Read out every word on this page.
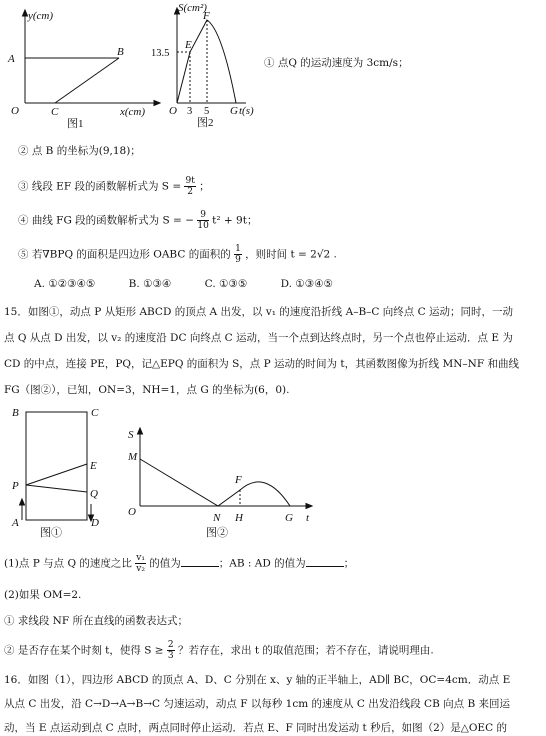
y(cm)
A
B
O	C	x(cm)
图1
S(cm²)
13.5
E
F
O 3 5 G t(s)
图2
① 点Q 的运动速度为 3cm/s；
② 点 B 的坐标为(9,18)；
③ 线段 EF 段的函数解析式为 $S = \frac{9t}{2}$ ；
④ 曲线 FG 段的函数解析式为 S = − $\frac{9}{10} t^2 + 9t$；
⑤ 若∇BPQ 的面积是四边形 OABC 的面积的 $\frac{1}{9}$ ，则时间 t = 2√2 .
A. ①②③④⑤	B. ①③④	C. ①③⑤	D. ①③④⑤
15．如图①，动点 P 从矩形 ABCD 的顶点 A 出发，以 v₁ 的速度沿折线 A–B–C 向终点 C 运动；同时，一动
点 Q 从点 D 出发，以 v₂ 的速度沿 DC 向终点 C 运动，当一个点到达终点时，另一个点也停止运动．点 E 为
CD 的中点，连接 PE，PQ，记△EPQ 的面积为 S，点 P 运动的时间为 t，其函数图像为折线 MN–NF 和曲线
FG（图②），已知，ON=3，NH=1，点 G 的坐标为(6，0).
B	C
E
P
Q
A	D
图①
S
M
F
O	N H	G t
图②
(1)点 P 与点 Q 的速度之比 $\frac{\text{v₁}}{\text{v₂}}$ 的值为	；AB : AD 的值为	；
(2)如果 OM=2.
① 求线段 NF 所在直线的函数表达式；
② 是否存在某个时刻 t，使得 $S \ge \frac{2}{3}$ ？若存在，求出 t 的取值范围；若不存在，请说明理由.
16．如图（1），四边形 ABCD 的顶点 A、D、C 分别在 x、y 轴的正半轴上，AD∥ BC，OC=4cm．动点 E
从点 C 出发，沿 C→D→A→B→C 匀速运动，动点 F 以每秒 1cm 的速度从 C 出发沿线段 CB 向点 B 来回运
动，当 E 点运动到点 C 点时，两点同时停止运动．若点 E、F 同时出发运动 t 秒后，如图（2）是△OEC 的
